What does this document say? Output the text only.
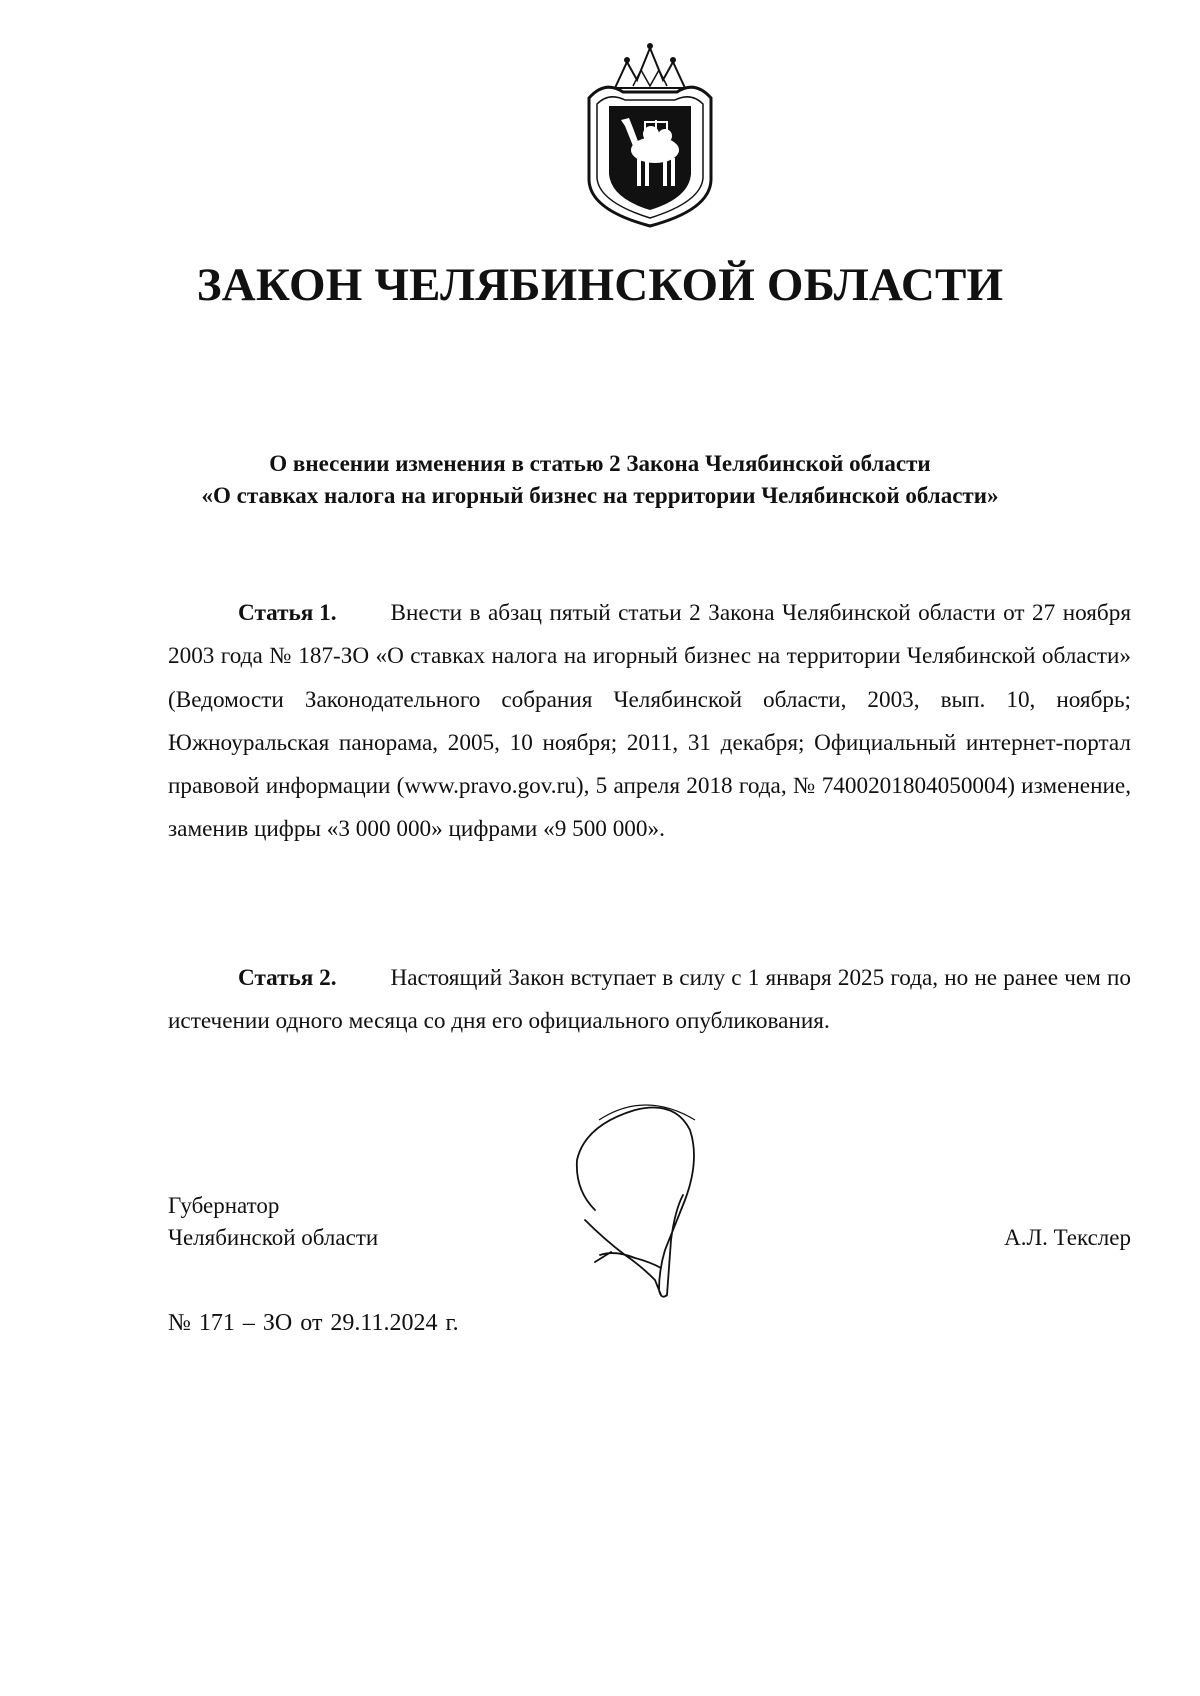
ЗАКОН ЧЕЛЯБИНСКОЙ ОБЛАСТИ
О внесении изменения в статью 2 Закона Челябинской области
«О ставках налога на игорный бизнес на территории Челябинской области»
Статья 1. Внести в абзац пятый статьи 2 Закона Челябинской области от 27 ноября 2003 года № 187-ЗО «О ставках налога на игорный бизнес на территории Челябинской области» (Ведомости Законодательного собрания Челябинской области, 2003, вып. 10, ноябрь; Южноуральская панорама, 2005, 10 ноября; 2011, 31 декабря; Официальный интернет-портал правовой информации (www.pravo.gov.ru), 5 апреля 2018 года, № 7400201804050004) изменение, заменив цифры «3 000 000» цифрами «9 500 000».
Статья 2. Настоящий Закон вступает в силу с 1 января 2025 года, но не ранее чем по истечении одного месяца со дня его официального опубликования.
Губернатор
Челябинской области	А.Л. Текслер
№ 171 – ЗО от 29.11.2024 г.
